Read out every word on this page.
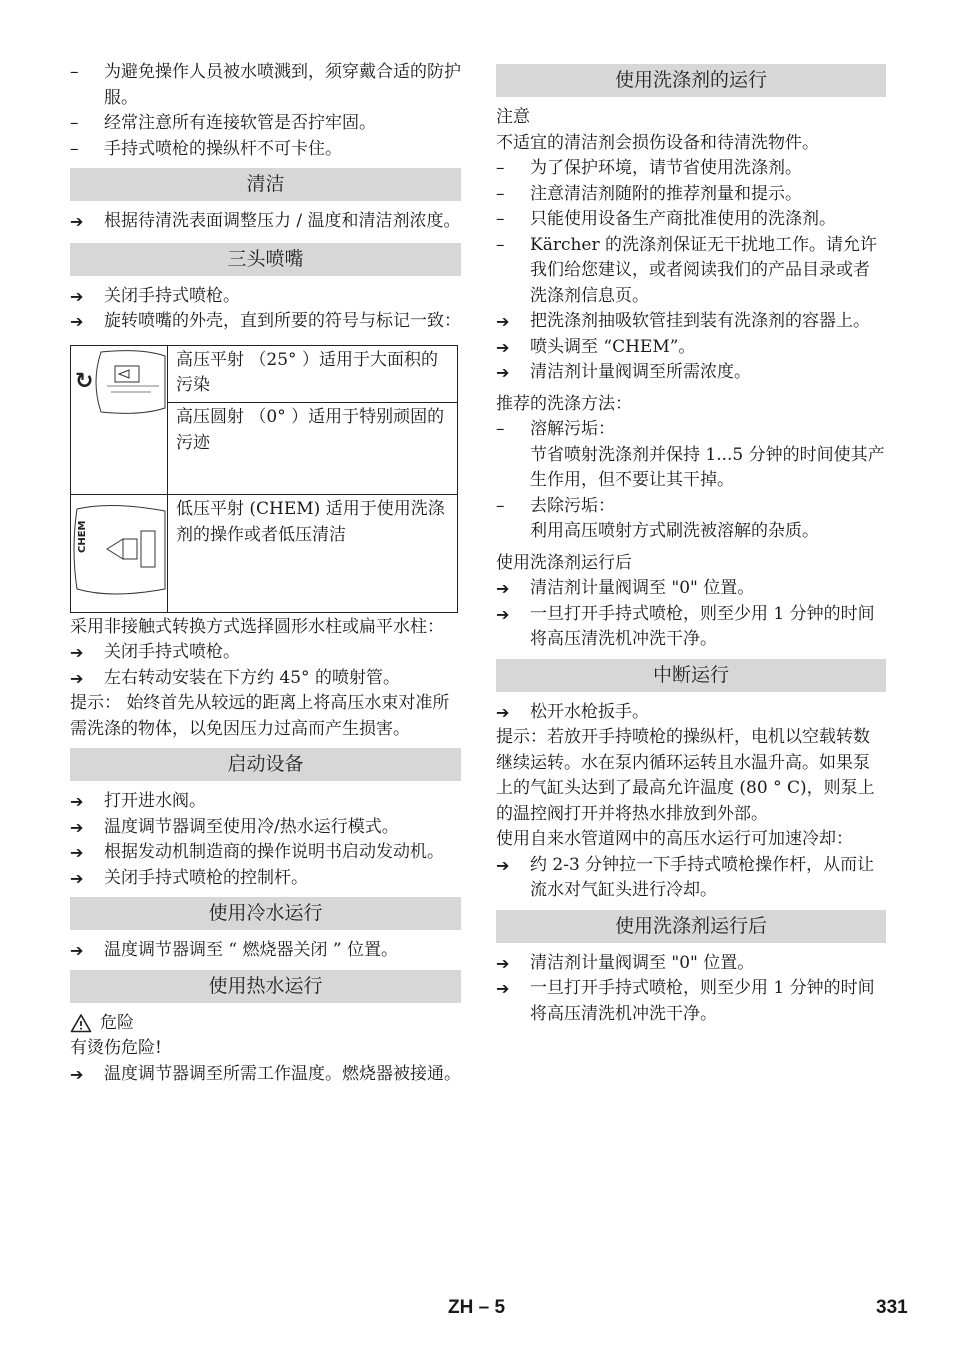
–	为避免操作人员被水喷溅到，须穿戴合适的防护服。
–	经常注意所有连接软管是否拧牢固。
–	手持式喷枪的操纵杆不可卡住。
清洁
➔	根据待清洗表面调整压力 / 温度和清洁剂浓度。
三头喷嘴
➔	关闭手持式喷枪。
➔	旋转喷嘴的外壳，直到所要的符号与标记一致：
↻	高压平射 （25° ）适用于大面积的污染
	高压圆射 （0° ）适用于特别顽固的污迹

CHEM	低压平射 (CHEM) 适用于使用洗涤剂的操作或者低压清洁
采用非接触式转换方式选择圆形水柱或扁平水柱：
➔	关闭手持式喷枪。
➔	左右转动安装在下方约 45° 的喷射管。
提示： 始终首先从较远的距离上将高压水束对准所需洗涤的物体，以免因压力过高而产生损害。
启动设备
➔	打开进水阀。
➔	温度调节器调至使用冷/热水运行模式。
➔	根据发动机制造商的操作说明书启动发动机。
➔	关闭手持式喷枪的控制杆。
使用冷水运行
➔	温度调节器调至 “ 燃烧器关闭 ” 位置。
使用热水运行
危险
有烫伤危险!
➔	温度调节器调至所需工作温度。燃烧器被接通。
使用洗涤剂的运行
注意
不适宜的清洁剂会损伤设备和待清洗物件。
–	为了保护环境，请节省使用洗涤剂。
–	注意清洁剂随附的推荐剂量和提示。
–	只能使用设备生产商批准使用的洗涤剂。
–	Kärcher 的洗涤剂保证无干扰地工作。请允许我们给您建议，或者阅读我们的产品目录或者洗涤剂信息页。
➔	把洗涤剂抽吸软管挂到装有洗涤剂的容器上。
➔	喷头调至 “CHEM”。
➔	清洁剂计量阀调至所需浓度。
推荐的洗涤方法：
–	溶解污垢：
节省喷射洗涤剂并保持 1...5 分钟的时间使其产生作用，但不要让其干掉。
–	去除污垢：
利用高压喷射方式刷洗被溶解的杂质。
使用洗涤剂运行后
➔	清洁剂计量阀调至 "0" 位置。
➔	一旦打开手持式喷枪，则至少用 1 分钟的时间将高压清洗机冲洗干净。
中断运行
➔	松开水枪扳手。
提示：若放开手持喷枪的操纵杆，电机以空载转数继续运转。水在泵内循环运转且水温升高。如果泵上的气缸头达到了最高允许温度 (80 ° C)，则泵上的温控阀打开并将热水排放到外部。
使用自来水管道网中的高压水运行可加速冷却：
➔	约 2-3 分钟拉一下手持式喷枪操作杆，从而让流水对气缸头进行冷却。
使用洗涤剂运行后
➔	清洁剂计量阀调至 "0" 位置。
➔	一旦打开手持式喷枪，则至少用 1 分钟的时间将高压清洗机冲洗干净。
ZH – 5	331
